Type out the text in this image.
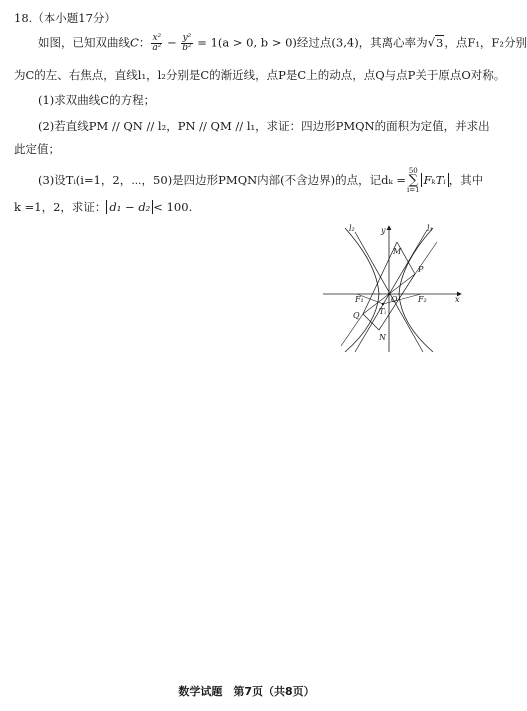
18.（本小题17分）
如图，已知双曲线C： $\frac{\text{x²}}{\text{a²}} - \frac{\text{y²}}{\text{b²}} = 1(a > 0$, b > 0)经过点(3,4)，其离心率为√3，点F₁，F₂分别
为C的左、右焦点，直线l₁，l₂分别是C的渐近线，点P是C上的动点，点Q与点P关于原点O对称。
(1)求双曲线C的方程；
(2)若直线PM // QN // l₂，PN // QM // l₁，求证：四边形PMQN的面积为定值，并求出
此定值；
(3)设Tᵢ(i=1，2，⋯，50)是四边形PMQN内部(不含边界)的点，记dₖ =50
∑
i=1FₖTᵢ ，其中
k =1，2，求证： d₁ − d₂ < 100.
l₂	l₁
y
x
M
P
F₁	O	F₂
Tᵢ
Q
N
数学试题　第7页（共8页）
